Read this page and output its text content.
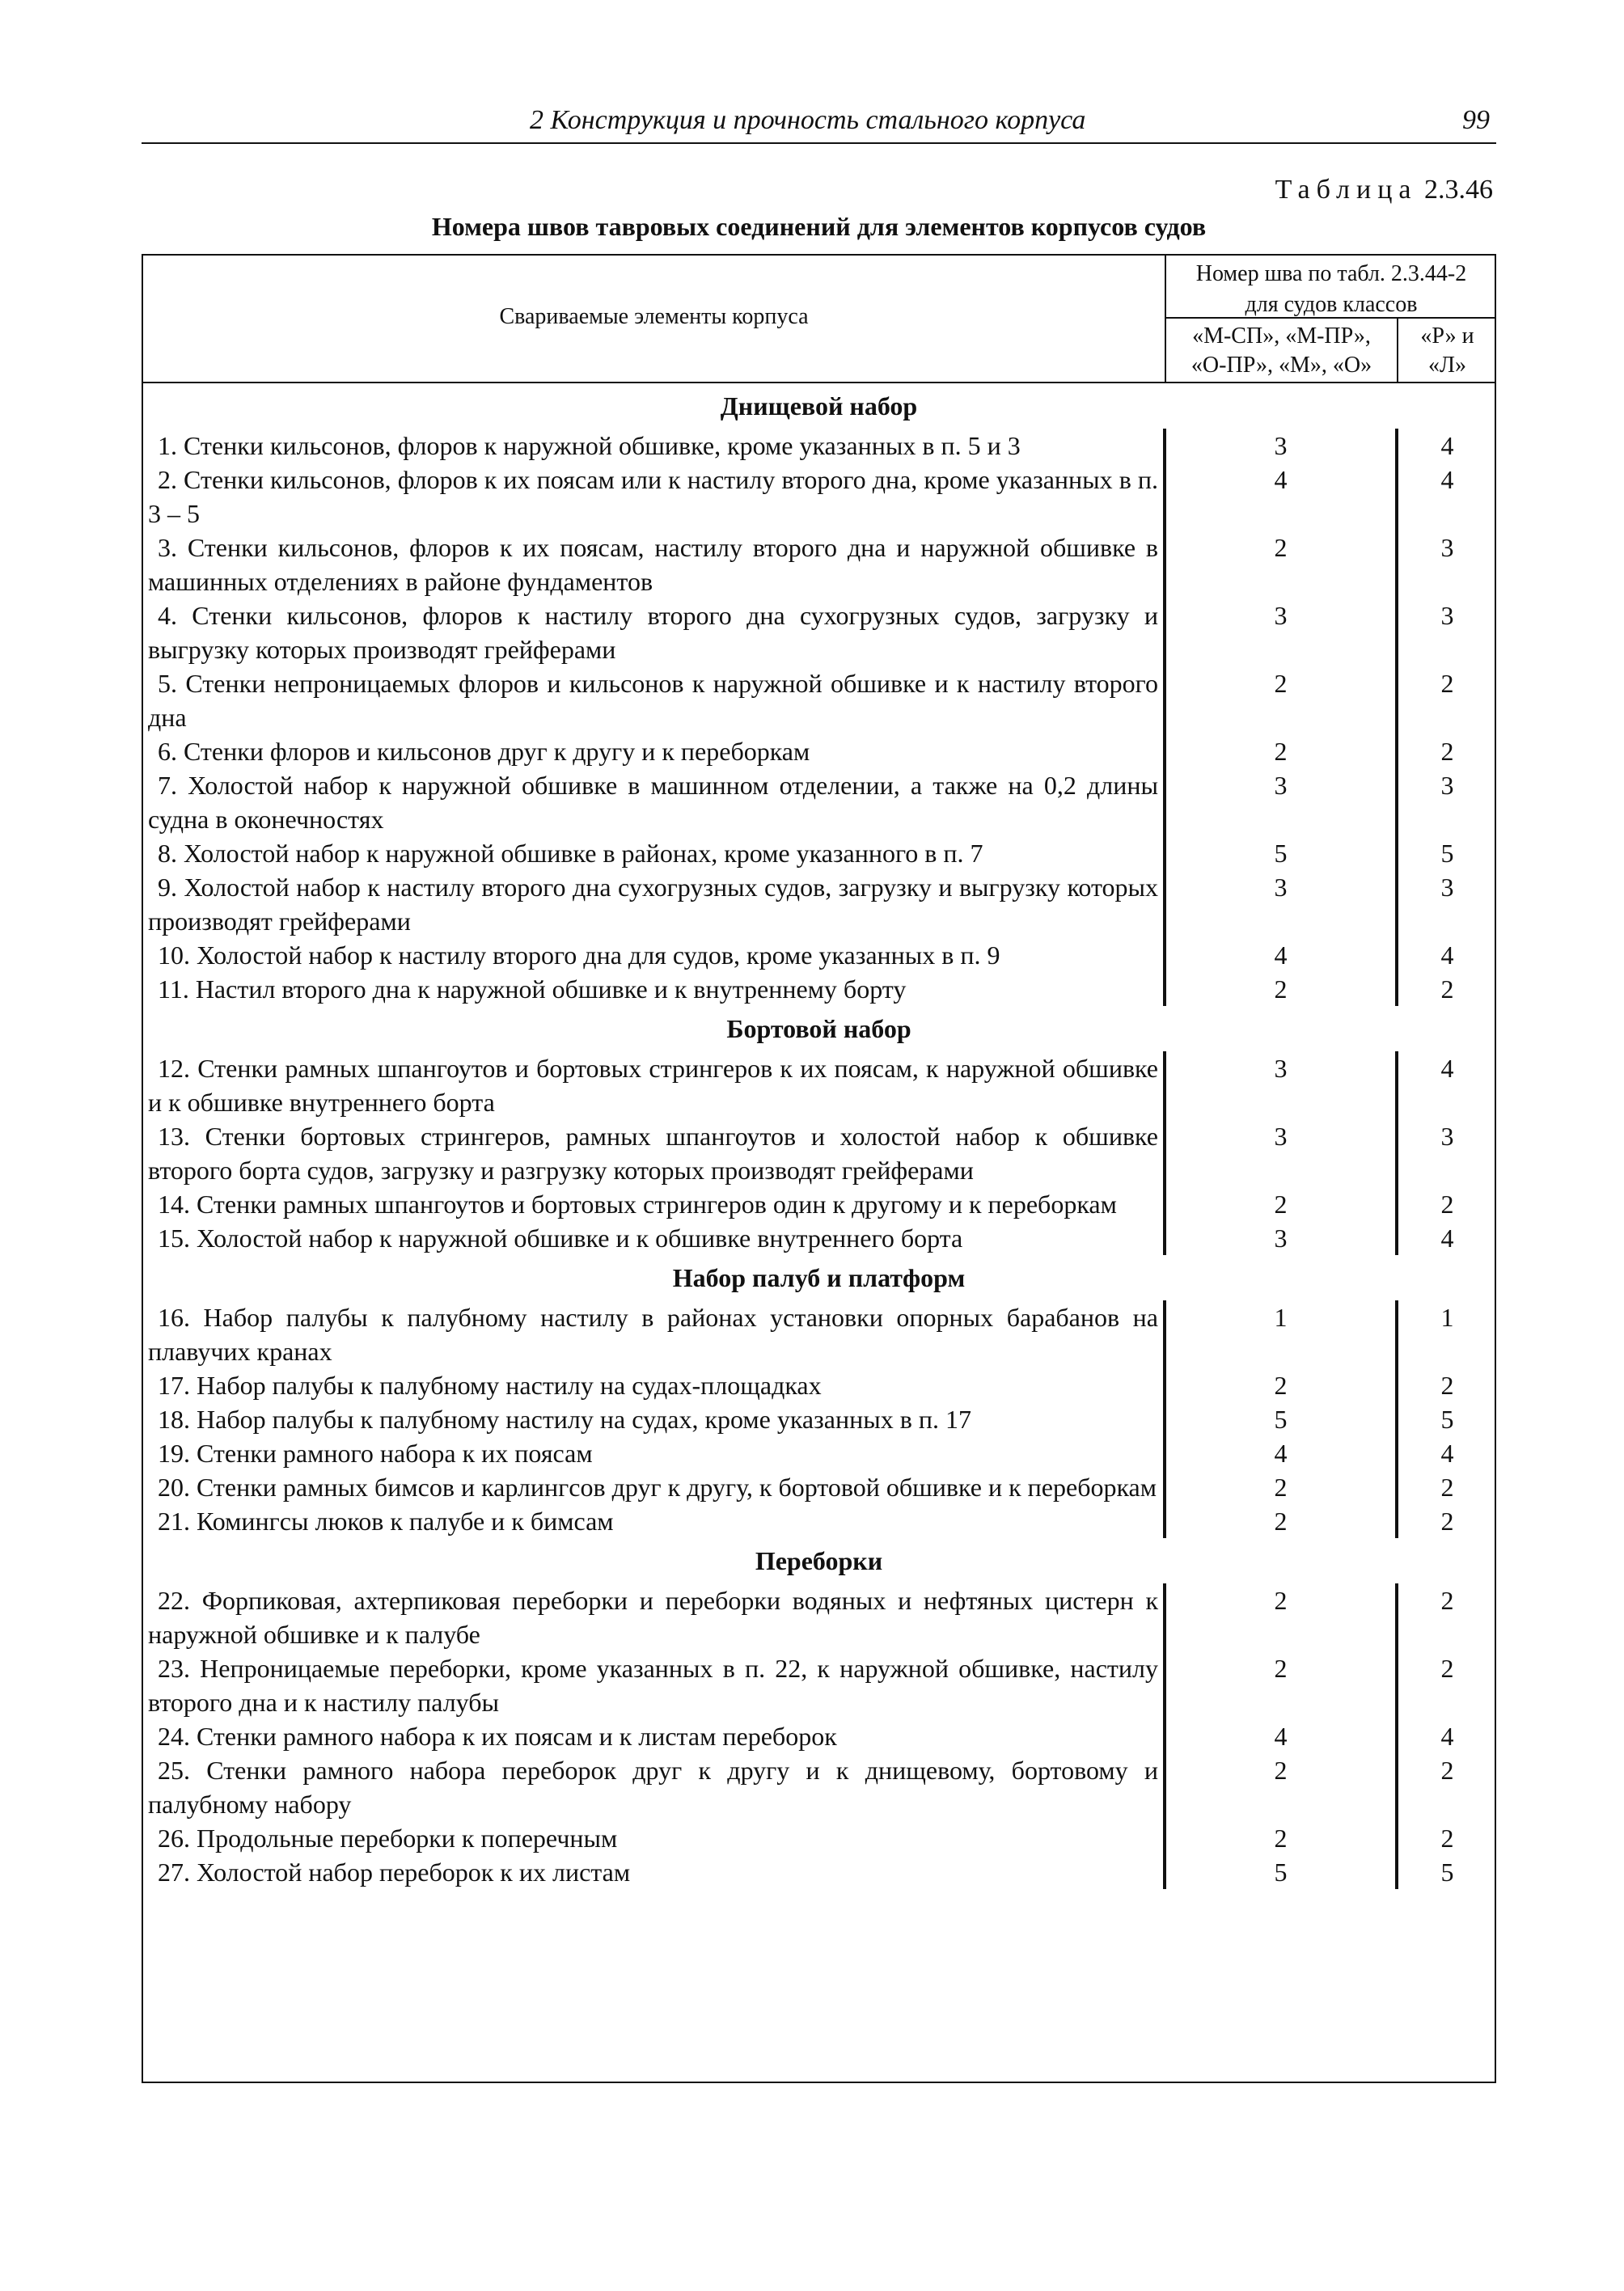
2 Конструкция и прочность стального корпуса	99
Таблица 2.3.46
Номера швов тавровых соединений для элементов корпусов судов
Свариваемые элементы корпуса
Номер шва по табл. 2.3.44-2
для судов классов
«М-СП», «М-ПР»,
«О-ПР», «М», «О»
«Р» и
«Л»
Днищевой набор
1. Стенки кильсонов, флоров к наружной обшивке, кроме указанных в п. 5 и 3	3	4
2. Стенки кильсонов, флоров к их поясам или к настилу второго дна, кроме указанных в п. 3 – 5
4	4
3. Стенки кильсонов, флоров к их поясам, настилу второго дна и наружной обшивке в машинных отделениях в районе фундаментов
2	3
4. Стенки кильсонов, флоров к настилу второго дна сухогрузных судов, загрузку и выгрузку которых производят грейферами
3	3
5. Стенки непроницаемых флоров и кильсонов к наружной обшивке и к настилу второго дна
2	2
6. Стенки флоров и кильсонов друг к другу и к переборкам	2	2
7. Холостой набор к наружной обшивке в машинном отделении, а также на 0,2 длины судна в оконечностях
3	3
8. Холостой набор к наружной обшивке в районах, кроме указанного в п. 7	5	5
9. Холостой набор к настилу второго дна сухогрузных судов, загрузку и выгрузку которых производят грейферами
3	3
10. Холостой набор к настилу второго дна для судов, кроме указанных в п. 9	4	4
11. Настил второго дна к наружной обшивке и к внутреннему борту	2	2
Бортовой набор
12. Стенки рамных шпангоутов и бортовых стрингеров к их поясам, к наружной обшивке и к обшивке внутреннего борта
3	4
13. Стенки бортовых стрингеров, рамных шпангоутов и холостой набор к обшивке второго борта судов, загрузку и разгрузку которых производят грейферами
3	3
14. Стенки рамных шпангоутов и бортовых стрингеров один к другому и к переборкам	2	2
15. Холостой набор к наружной обшивке и к обшивке внутреннего борта	3	4
Набор палуб и платформ
16. Набор палубы к палубному настилу в районах установки опорных барабанов на плавучих кранах
1	1
17. Набор палубы к палубному настилу на судах-площадках	2	2
18. Набор палубы к палубному настилу на судах, кроме указанных в п. 17	5	5
19. Стенки рамного набора к их поясам	4	4
20. Стенки рамных бимсов и карлингсов друг к другу, к бортовой обшивке и к переборкам	2	2
21. Комингсы люков к палубе и к бимсам	2	2
Переборки
22. Форпиковая, ахтерпиковая переборки и переборки водяных и нефтяных цистерн к наружной обшивке и к палубе
2	2
23. Непроницаемые переборки, кроме указанных в п. 22, к наружной обшивке, настилу второго дна и к настилу палубы
2	2
24. Стенки рамного набора к их поясам и к листам переборок	4	4
25. Стенки рамного набора переборок друг к другу и к днищевому, бортовому и палубному набору
2	2
26. Продольные переборки к поперечным	2	2
27. Холостой набор переборок к их листам	5	5
